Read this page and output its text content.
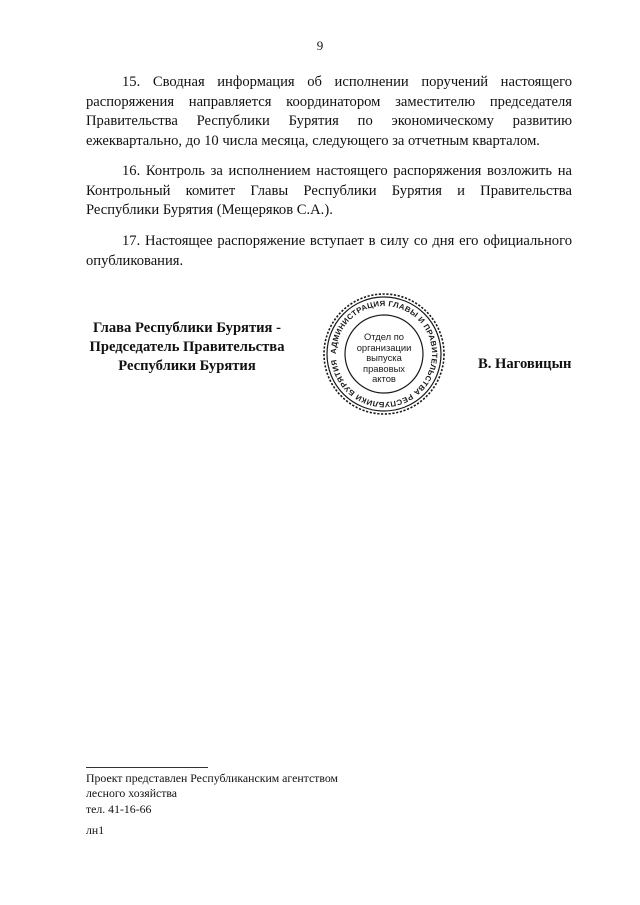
9

15. Сводная информация об исполнении поручений настоящего распоряжения направляется координатором заместителю председателя Правительства Республики Бурятия по экономическому развитию ежеквартально, до 10 числа месяца, следующего за отчетным кварталом.

16. Контроль за исполнением настоящего распоряжения возложить на Контрольный комитет Главы Республики Бурятия и Правительства Республики Бурятия (Мещеряков С.А.).

17. Настоящее распоряжение вступает в силу со дня его официального опубликования.

Глава Республики Бурятия -
Председатель Правительства
Республики Бурятия
АДМИНИСТРАЦИЯ ГЛАВЫ И ПРАВИТЕЛЬСТВА РЕСПУБЛИКИ БУРЯТИЯ
Отдел по
организации
выпуска
правовых
актов
В. Наговицын
Проект представлен Республиканским агентством
лесного хозяйства
тел. 41-16-66
лн1
